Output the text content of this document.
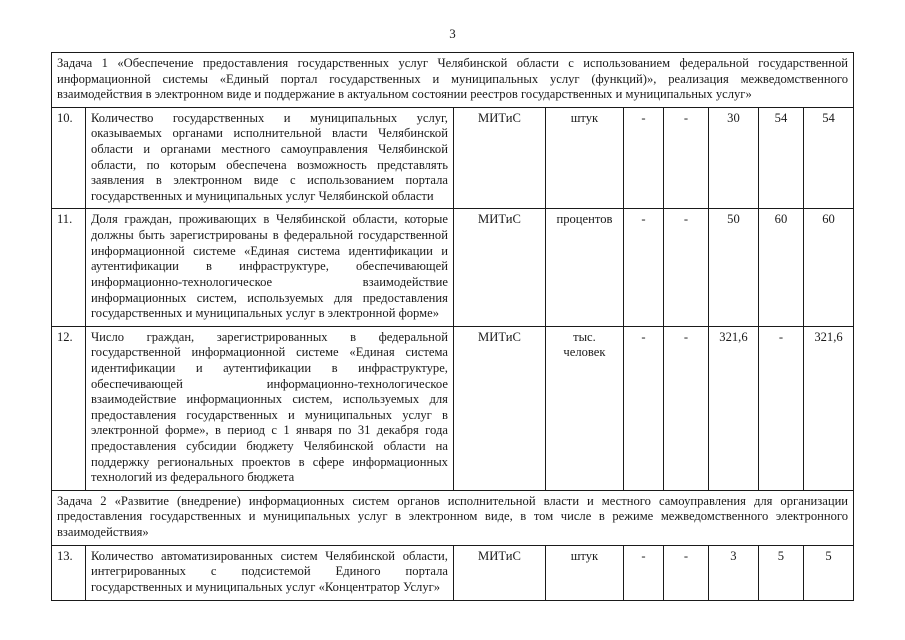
3
Задача 1 «Обеспечение предоставления государственных услуг Челябинской области с использованием федеральной государственной информационной системы «Единый портал государственных и муниципальных услуг (функций)», реализация межведомственного взаимодействия в электронном виде и поддержание в актуальном состоянии реестров государственных и муниципальных услуг»								
10.	Количество государственных и муниципальных услуг, оказываемых органами исполнительной власти Челябинской области и органами местного самоуправления Челябинской области, по которым обеспечена возможность представлять заявления в электронном виде с использованием портала государственных и муниципальных услуг Челябинской области	МИТиС	штук	-	-	30	54	54
11.	Доля граждан, проживающих в Челябинской области, которые должны быть зарегистрированы в федеральной государственной информационной системе «Единая система идентификации и аутентификации в инфраструктуре, обеспечивающей информационно-технологическое взаимодействие информационных систем, используемых для предоставления государственных и муниципальных услуг в электронной форме»	МИТиС	процентов	-	-	50	60	60
12.	Число граждан, зарегистрированных в федеральной государственной информационной системе «Единая система идентификации и аутентификации в инфраструктуре, обеспечивающей информационно-технологическое взаимодействие информационных систем, используемых для предоставления государственных и муниципальных услуг в электронной форме», в период с 1 января по 31 декабря года предоставления субсидии бюджету Челябинской области на поддержку региональных проектов в сфере информационных технологий из федерального бюджета	МИТиС	тыс. человек	-	-	321,6	-	321,6
Задача 2 «Развитие (внедрение) информационных систем органов исполнительной власти и местного самоуправления для организации предоставления государственных и муниципальных услуг в электронном виде, в том числе в режиме межведомственного электронного взаимодействия»								
13.	Количество автоматизированных систем Челябинской области, интегрированных с подсистемой Единого портала государственных и муниципальных услуг «Концентратор Услуг»	МИТиС	штук	-	-	3	5	5
